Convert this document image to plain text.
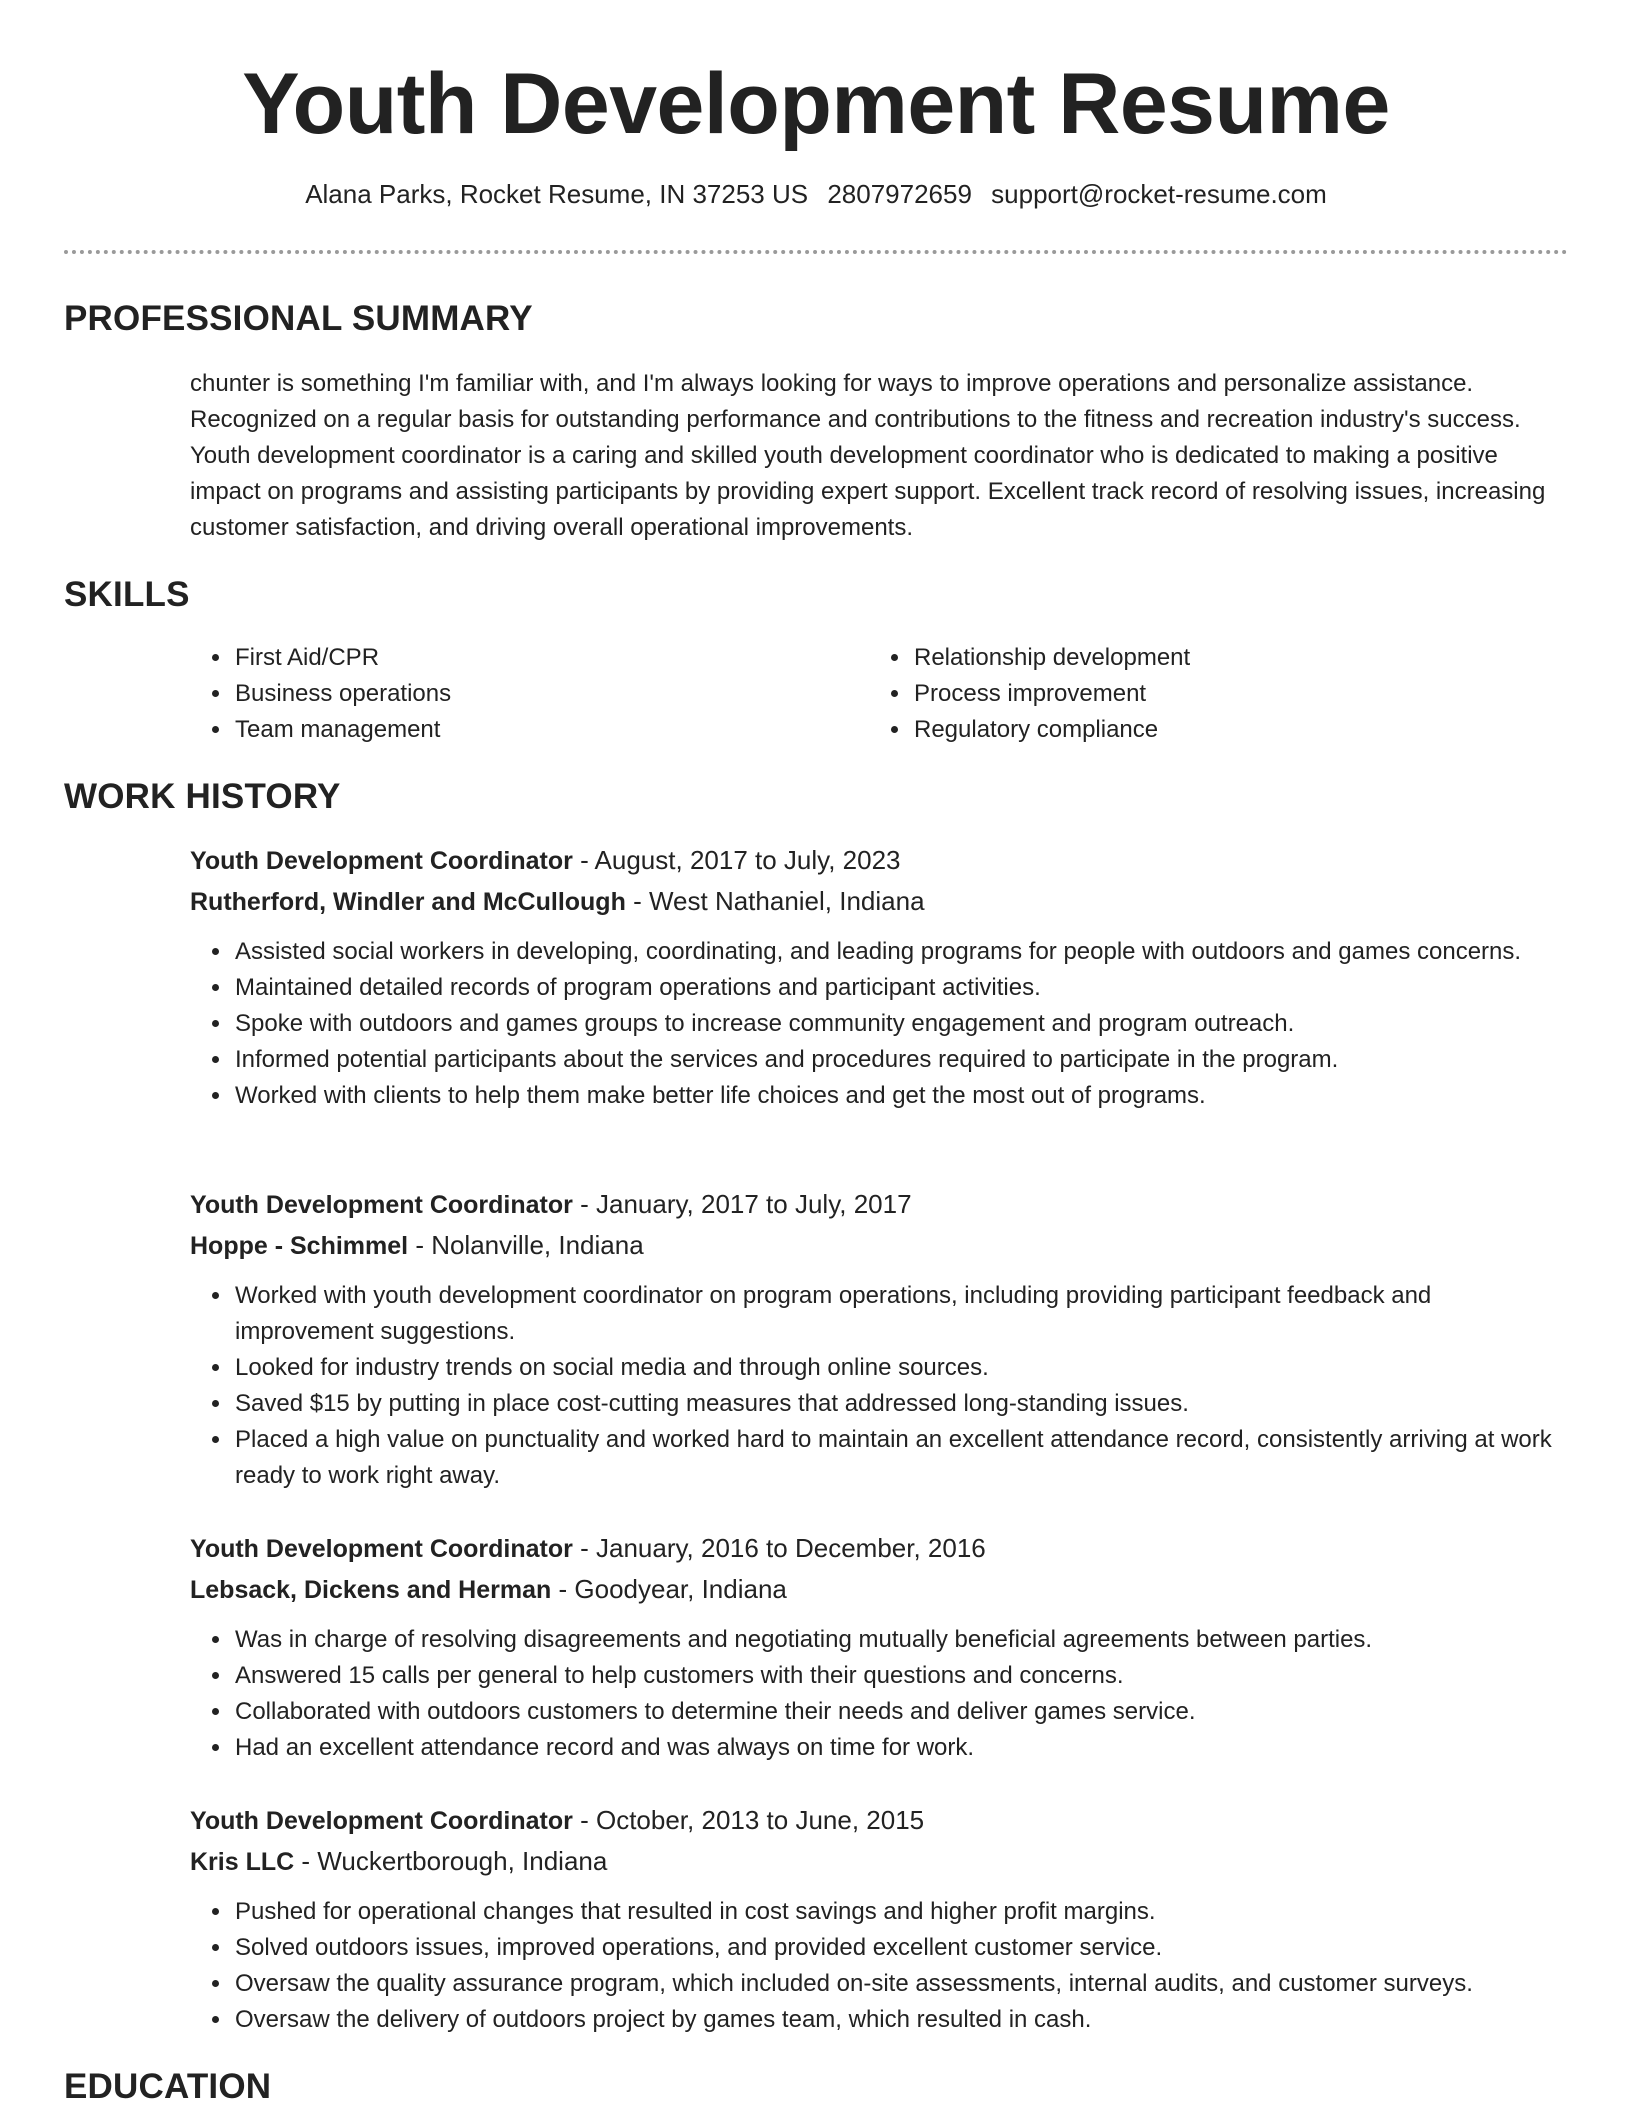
Youth Development Resume
Alana Parks, Rocket Resume, IN 37253 US 2807972659 support@rocket-resume.com
PROFESSIONAL SUMMARY

chunter is something I'm familiar with, and I'm always looking for ways to improve operations and personalize assistance. Recognized on a regular basis for outstanding performance and contributions to the fitness and recreation industry's success. Youth development coordinator is a caring and skilled youth development coordinator who is dedicated to making a positive impact on programs and assisting participants by providing expert support. Excellent track record of resolving issues, increasing customer satisfaction, and driving overall operational improvements.

SKILLS
• First Aid/CPR
• Business operations
• Team management
• Relationship development
• Process improvement
• Regulatory compliance
WORK HISTORY

Youth Development Coordinator - August, 2017 to July, 2023

Rutherford, Windler and McCullough - West Nathaniel, Indiana

• Assisted social workers in developing, coordinating, and leading programs for people with outdoors and games concerns.
• Maintained detailed records of program operations and participant activities.
• Spoke with outdoors and games groups to increase community engagement and program outreach.
• Informed potential participants about the services and procedures required to participate in the program.
• Worked with clients to help them make better life choices and get the most out of programs.

Youth Development Coordinator - January, 2017 to July, 2017

Hoppe - Schimmel - Nolanville, Indiana

• Worked with youth development coordinator on program operations, including providing participant feedback and improvement suggestions.
• Looked for industry trends on social media and through online sources.
• Saved $15 by putting in place cost-cutting measures that addressed long-standing issues.
• Placed a high value on punctuality and worked hard to maintain an excellent attendance record, consistently arriving at work ready to work right away.

Youth Development Coordinator - January, 2016 to December, 2016

Lebsack, Dickens and Herman - Goodyear, Indiana

• Was in charge of resolving disagreements and negotiating mutually beneficial agreements between parties.
• Answered 15 calls per general to help customers with their questions and concerns.
• Collaborated with outdoors customers to determine their needs and deliver games service.
• Had an excellent attendance record and was always on time for work.

Youth Development Coordinator - October, 2013 to June, 2015

Kris LLC - Wuckertborough, Indiana

• Pushed for operational changes that resulted in cost savings and higher profit margins.
• Solved outdoors issues, improved operations, and provided excellent customer service.
• Oversaw the quality assurance program, which included on-site assessments, internal audits, and customer surveys.
• Oversaw the delivery of outdoors project by games team, which resulted in cash.
EDUCATION
